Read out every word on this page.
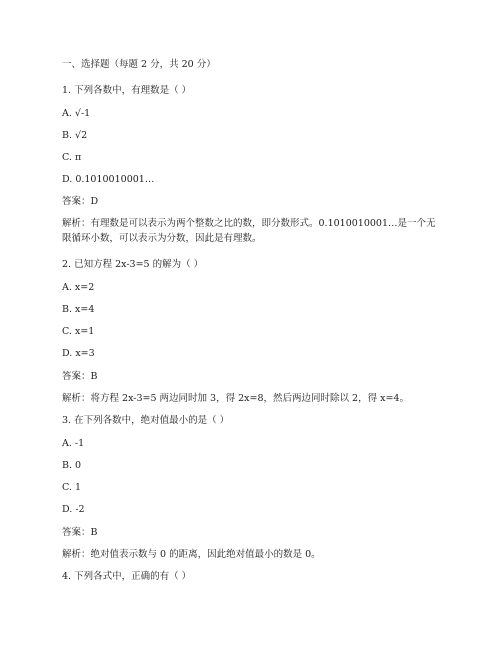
一、选择题（每题 2 分，共 20 分）
1. 下列各数中，有理数是（ ）
A. √-1
B. √2
C. π
D. 0.1010010001…
答案：D
解析：有理数是可以表示为两个整数之比的数，即分数形式。0.1010010001…是一个无限循环小数，可以表示为分数，因此是有理数。
2. 已知方程 2x-3=5 的解为（ ）
A. x=2
B. x=4
C. x=1
D. x=3
答案：B
解析：将方程 2x-3=5 两边同时加 3，得 2x=8，然后两边同时除以 2，得 x=4。
3. 在下列各数中，绝对值最小的是（ ）
A. -1
B. 0
C. 1
D. -2
答案：B
解析：绝对值表示数与 0 的距离，因此绝对值最小的数是 0。
4. 下列各式中，正确的有（ ）
